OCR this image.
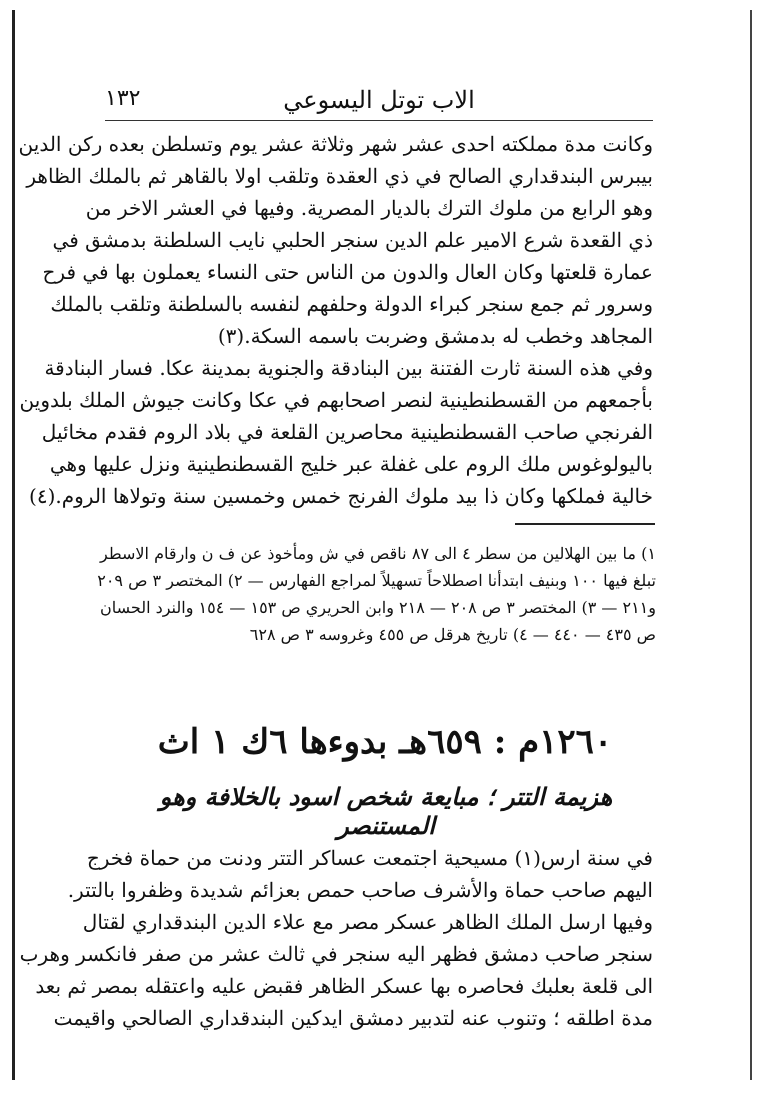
١٣٢	الاب توتل اليسوعي
وكانت مدة مملكته احدى عشر شهر وثلاثة عشر يوم وتسلطن بعده ركن الدين
بيبرس البندقداري الصالح في ذي العقدة وتلقب اولا بالقاهر ثم بالملك الظاهر
وهو الرابع من ملوك الترك بالديار المصرية. وفيها في العشر الاخر من
ذي القعدة شرع الامير علم الدين سنجر الحلبي نايب السلطنة بدمشق في
عمارة قلعتها وكان العال والدون من الناس حتى النساء يعملون بها في فرح
وسرور ثم جمع سنجر كبراء الدولة وحلفهم لنفسه بالسلطنة وتلقب بالملك
المجاهد وخطب له بدمشق وضربت باسمه السكة.(٣)
وفي هذه السنة ثارت الفتنة بين البنادقة والجنوية بمدينة عكا. فسار البنادقة
بأجمعهم من القسطنطينية لنصر اصحابهم في عكا وكانت جيوش الملك بلدوين
الفرنجي صاحب القسطنطينية محاصرين القلعة في بلاد الروم فقدم مخائيل
باليولوغوس ملك الروم على غفلة عبر خليج القسطنطينية ونزل عليها وهي
خالية فملكها وكان ذا بيد ملوك الفرنج خمس وخمسين سنة وتولاها الروم.(٤)
١) ما بين الهلالين من سطر ٤ الى ٨٧ ناقص في ش ومأخوذ عن ف ن وارقام الاسطر
تبلغ فيها ١٠٠ وبنيف ابتدأنا اصطلاحاً تسهيلاً لمراجع الفهارس — ٢) المختصر ٣ ص ٢٠٩
و٢١١ — ٣) المختصر ٣ ص ٢٠٨ — ٢١٨ وابن الحريري ص ١٥٣ — ١٥٤ والنرد الحسان
ص ٤٣٥ — ٤٤٠ — ٤) تاريخ هرقل ص ٤٥٥ وغروسه ٣ ص ٦٢٨
١٢٦٠م : ٦٥٩هـ بدوءها ٦ك ١ اث
هزيمة التتر ؛ مبايعة شخص اسود بالخلافة وهو المستنصر
في سنة ارس(١) مسيحية اجتمعت عساكر التتر ودنت من حماة فخرج
اليهم صاحب حماة والأشرف صاحب حمص بعزائم شديدة وظفروا بالتتر.
وفيها ارسل الملك الظاهر عسكر مصر مع علاء الدين البندقداري لقتال
سنجر صاحب دمشق فظهر اليه سنجر في ثالث عشر من صفر فانكسر وهرب
الى قلعة بعلبك فحاصره بها عسكر الظاهر فقبض عليه واعتقله بمصر ثم بعد
مدة اطلقه ؛ وتنوب عنه لتدبير دمشق ايدكين البندقداري الصالحي واقيمت
